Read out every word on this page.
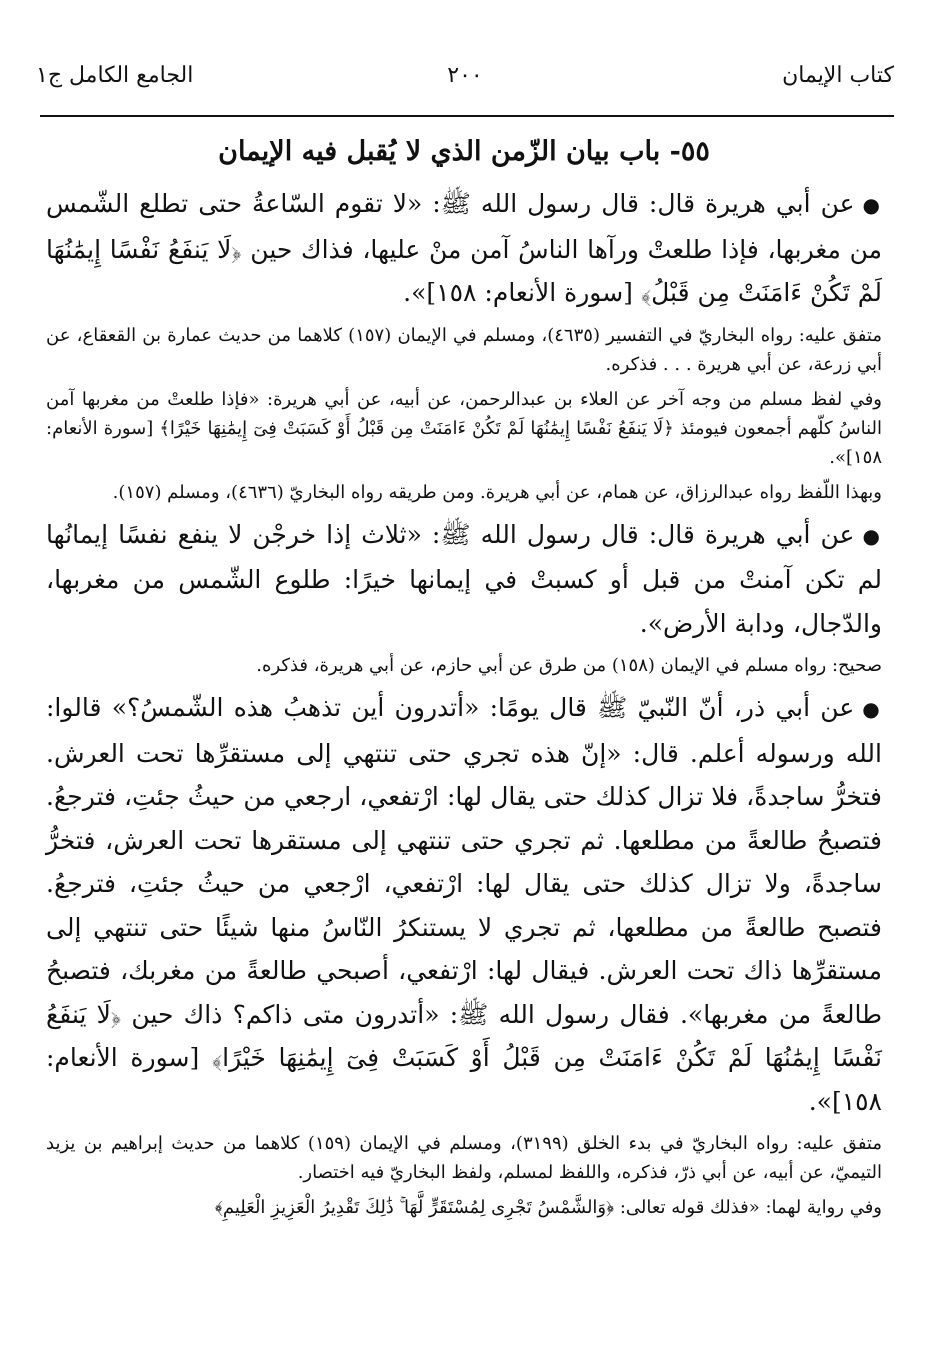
كتاب الإيمان
٢٠٠
الجامع الكامل ج١
٥٥- باب بيان الزّمن الذي لا يُقبل فيه الإيمان

●عن أبي هريرة قال: قال رسول الله ﷺ: «لا تقوم السّاعةُ حتى تطلع الشّمس من مغربها، فإذا طلعتْ ورآها الناسُ آمن منْ عليها، فذاك حين ﴿لَا يَنفَعُ نَفْسًا إِيمَٰنُهَا لَمْ تَكُنْ ءَامَنَتْ مِن قَبْلُ﴾ [سورة الأنعام: ١٥٨]».

متفق عليه: رواه البخاريّ في التفسير (٤٦٣٥)، ومسلم في الإيمان (١٥٧) كلاهما من حديث عمارة بن القعقاع، عن أبي زرعة، عن أبي هريرة . . . فذكره.

وفي لفظ مسلم من وجه آخر عن العلاء بن عبدالرحمن، عن أبيه، عن أبي هريرة: «فإذا طلعتْ من مغربها آمن الناسُ كلّهم أجمعون فيومئذ ﴿لَا يَنفَعُ نَفْسًا إِيمَٰنُهَا لَمْ تَكُنْ ءَامَنَتْ مِن قَبْلُ أَوْ كَسَبَتْ فِىٓ إِيمَٰنِهَا خَيْرًا﴾ [سورة الأنعام: ١٥٨]».

وبهذا اللّفظ رواه عبدالرزاق، عن همام، عن أبي هريرة. ومن طريقه رواه البخاريّ (٤٦٣٦)، ومسلم (١٥٧).

●عن أبي هريرة قال: قال رسول الله ﷺ: «ثلاث إذا خرجْن لا ينفع نفسًا إيمانُها لم تكن آمنتْ من قبل أو كسبتْ في إيمانها خيرًا: طلوع الشّمس من مغربها، والدّجال، ودابة الأرض».

صحيح: رواه مسلم في الإيمان (١٥٨) من طرق عن أبي حازم، عن أبي هريرة، فذكره.

●عن أبي ذر، أنّ النّبيّ ﷺ قال يومًا: «أتدرون أين تذهبُ هذه الشّمسُ؟» قالوا: الله ورسوله أعلم. قال: «إنّ هذه تجري حتى تنتهي إلى مستقرِّها تحت العرش. فتخرُّ ساجدةً، فلا تزال كذلك حتى يقال لها: ارْتفعي، ارجعي من حيثُ جئتِ، فترجعُ. فتصبحُ طالعةً من مطلعها. ثم تجري حتى تنتهي إلى مستقرها تحت العرش، فتخرُّ ساجدةً، ولا تزال كذلك حتى يقال لها: ارْتفعي، ارْجعي من حيثُ جئتِ، فترجعُ. فتصبح طالعةً من مطلعها، ثم تجري لا يستنكرُ النّاسُ منها شيئًا حتى تنتهي إلى مستقرِّها ذاك تحت العرش. فيقال لها: ارْتفعي، أصبحي طالعةً من مغربك، فتصبحُ طالعةً من مغربها». فقال رسول الله ﷺ: «أتدرون متى ذاكم؟ ذاك حين ﴿لَا يَنفَعُ نَفْسًا إِيمَٰنُهَا لَمْ تَكُنْ ءَامَنَتْ مِن قَبْلُ أَوْ كَسَبَتْ فِىٓ إِيمَٰنِهَا خَيْرًا﴾ [سورة الأنعام: ١٥٨]».

متفق عليه: رواه البخاريّ في بدء الخلق (٣١٩٩)، ومسلم في الإيمان (١٥٩) كلاهما من حديث إبراهيم بن يزيد التيميّ، عن أبيه، عن أبي ذرّ، فذكره، واللفظ لمسلم، ولفظ البخاريّ فيه اختصار.

وفي رواية لهما: «فذلك قوله تعالى: ﴿وَالشَّمْسُ تَجْرِى لِمُسْتَقَرٍّ لَّهَا ۚ ذَٰلِكَ تَقْدِيرُ الْعَزِيزِ الْعَلِيمِ﴾
